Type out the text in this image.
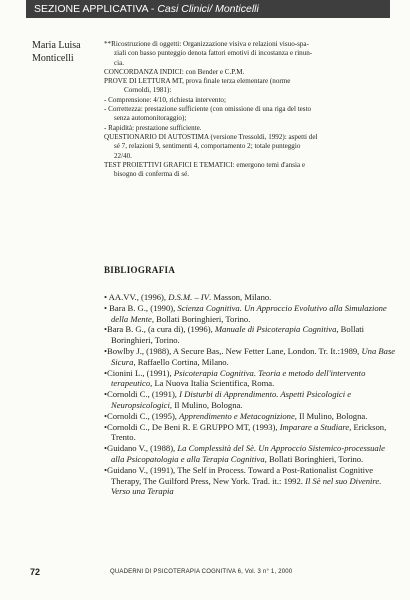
SEZIONE APPLICATIVA - Casi Clinici/ Monticelli
Maria Luisa
Monticelli

**Ricostruzione di oggetti: Organizzazione visiva e relazioni visuo-spa-

ziali con basso punteggio denota fattori emotivi di incostanza e rinun-

cia.

CONCORDANZA INDICI: con Bender e C.P.M.

PROVE DI LETTURA MT, prova finale terza elementare (norme

Cornoldi, 1981):

- Comprensione: 4/10, richiesta intervento;

- Correttezza: prestazione sufficiente (con omissione di una riga del testo

senza automonitoraggio);

- Rapidità: prestazione sufficiente.

QUESTIONARIO DI AUTOSTIMA (versione Tressoldi, 1992): aspetti del

sé 7, relazioni 9, sentimenti 4, comportamento 2; totale punteggio

22/40.

TEST PROIETTIVI GRAFICI E TEMATICI: emergono temi d'ansia e

bisogno di conferma di sé.

BIBLIOGRAFIA

• AA.VV., (1996), D.S.M. – IV. Masson, Milano.

• Bara B. G., (1990), Scienza Cognitiva. Un Approccio Evolutivo alla Simulazione della Mente, Bollati Boringhieri, Torino.

•Bara B. G., (a cura di), (1996), Manuale di Psicoterapia Cognitiva, Bollati Boringhieri, Torino.

•Bowlby J., (1988), A Secure Bas,. New Fetter Lane, London. Tr. It.:1989, Una Base Sicura, Raffaello Cortina, Milano.

•Cionini L., (1991), Psicoterapia Cognitiva. Teoria e metodo dell'intervento terapeutico, La Nuova Italia Scientifica, Roma.

•Cornoldi C., (1991), I Disturbi di Apprendimento. Aspetti Psicologici e Neuropsicologici, Il Mulino, Bologna.

•Cornoldi C., (1995), Apprendimento e Metacognizione, Il Mulino, Bologna.

•Cornoldi C., De Beni R. E GRUPPO MT, (1993), Imparare a Studiare, Erickson, Trento.

•Guidano V., (1988), La Complessità del Sè. Un Approccio Sistemico-processuale alla Psicopatologia e alla Terapia Cognitiva, Bollati Boringhieri, Torino.

•Guidano V., (1991), The Self in Process. Toward a Post-Rationalist Cognitive Therapy, The Guilford Press, New York. Trad. it.: 1992. Il Sè nel suo Divenire. Verso una Terapia

72	QUADERNI DI PSICOTERAPIA COGNITIVA 6, Vol. 3 n° 1, 2000
